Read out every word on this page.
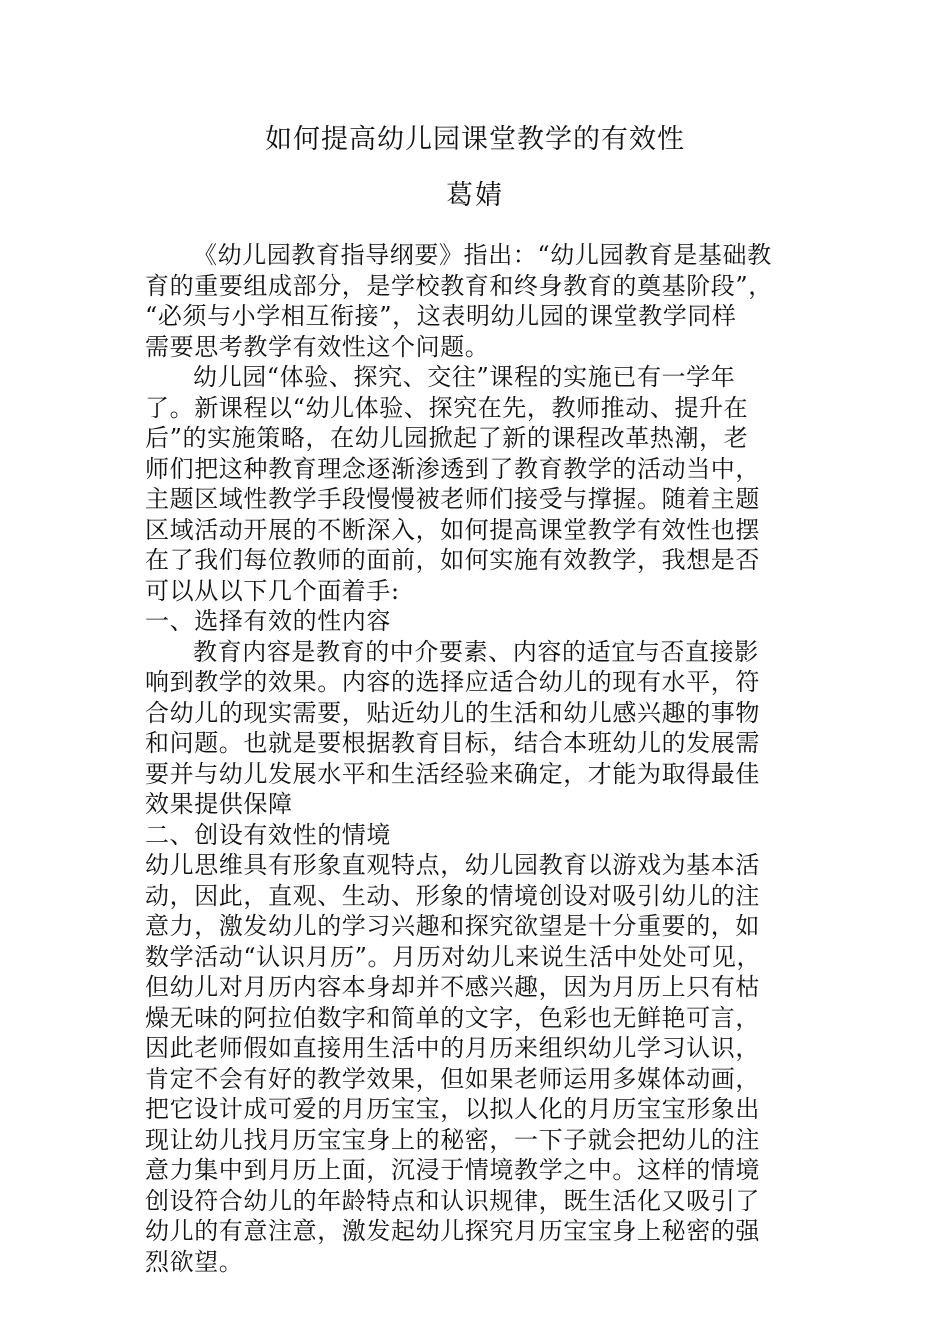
如何提高幼儿园课堂教学的有效性
葛婧
《幼儿园教育指导纲要》指出：“幼儿园教育是基础教
育的重要组成部分，是学校教育和终身教育的奠基阶段”，
“必须与小学相互衔接”，这表明幼儿园的课堂教学同样
需要思考教学有效性这个问题。
幼儿园“体验、探究、交往”课程的实施已有一学年
了。新课程以“幼儿体验、探究在先，教师推动、提升在
后”的实施策略，在幼儿园掀起了新的课程改革热潮，老
师们把这种教育理念逐渐渗透到了教育教学的活动当中，
主题区域性教学手段慢慢被老师们接受与撑握。随着主题
区域活动开展的不断深入，如何提高课堂教学有效性也摆
在了我们每位教师的面前，如何实施有效教学，我想是否
可以从以下几个面着手:
一、选择有效的性内容
教育内容是教育的中介要素、内容的适宜与否直接影
响到教学的效果。内容的选择应适合幼儿的现有水平，符
合幼儿的现实需要，贴近幼儿的生活和幼儿感兴趣的事物
和问题。也就是要根据教育目标，结合本班幼儿的发展需
要并与幼儿发展水平和生活经验来确定，才能为取得最佳
效果提供保障
二、创设有效性的情境
幼儿思维具有形象直观特点，幼儿园教育以游戏为基本活
动，因此，直观、生动、形象的情境创设对吸引幼儿的注
意力，激发幼儿的学习兴趣和探究欲望是十分重要的，如
数学活动“认识月历”。月历对幼儿来说生活中处处可见，
但幼儿对月历内容本身却并不感兴趣，因为月历上只有枯
燥无味的阿拉伯数字和简单的文字，色彩也无鲜艳可言，
因此老师假如直接用生活中的月历来组织幼儿学习认识，
肯定不会有好的教学效果，但如果老师运用多媒体动画，
把它设计成可爱的月历宝宝，以拟人化的月历宝宝形象出
现让幼儿找月历宝宝身上的秘密，一下子就会把幼儿的注
意力集中到月历上面，沉浸于情境教学之中。这样的情境
创设符合幼儿的年龄特点和认识规律，既生活化又吸引了
幼儿的有意注意，激发起幼儿探究月历宝宝身上秘密的强
烈欲望。
